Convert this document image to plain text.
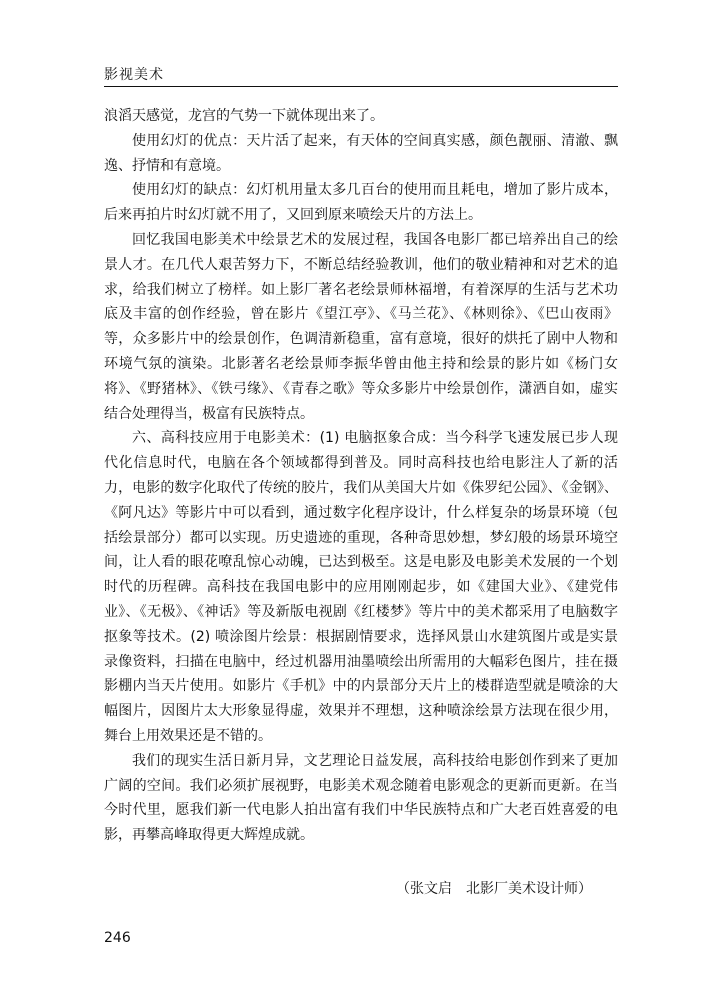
影视美术

浪滔天感觉，龙宫的气势一下就体现出来了。

使用幻灯的优点：天片活了起来，有天体的空间真实感，颜色靓丽、清澈、飘逸、抒情和有意境。

使用幻灯的缺点：幻灯机用量太多几百台的使用而且耗电，增加了影片成本，后来再拍片时幻灯就不用了，又回到原来喷绘天片的方法上。

回忆我国电影美术中绘景艺术的发展过程，我国各电影厂都已培养出自己的绘景人才。在几代人艰苦努力下，不断总结经验教训，他们的敬业精神和对艺术的追求，给我们树立了榜样。如上影厂著名老绘景师林福增，有着深厚的生活与艺术功底及丰富的创作经验，曾在影片《望江亭》、《马兰花》、《林则徐》、《巴山夜雨》等，众多影片中的绘景创作，色调清新稳重，富有意境，很好的烘托了剧中人物和环境气氛的演染。北影著名老绘景师李振华曾由他主持和绘景的影片如《杨门女将》、《野猪林》、《铁弓缘》、《青春之歌》等众多影片中绘景创作，潇洒自如，虚实结合处理得当，极富有民族特点。

六、高科技应用于电影美术：(1) 电脑抠象合成：当今科学飞速发展已步人现代化信息时代，电脑在各个领域都得到普及。同时高科技也给电影注人了新的活力，电影的数字化取代了传统的胶片，我们从美国大片如《侏罗纪公园》、《金钢》、《阿凡达》等影片中可以看到，通过数字化程序设计，什么样复杂的场景环境（包括绘景部分）都可以实现。历史遗迹的重现，各种奇思妙想，梦幻般的场景环境空间，让人看的眼花嘹乱惊心动魄，已达到极至。这是电影及电影美术发展的一个划时代的历程碑。高科技在我国电影中的应用刚刚起步，如《建国大业》、《建党伟业》、《无极》、《神话》等及新版电视剧《红楼梦》等片中的美术都采用了电脑数字抠象等技术。(2) 喷涂图片绘景：根据剧情要求，选择风景山水建筑图片或是实景录像资料，扫描在电脑中，经过机器用油墨喷绘出所需用的大幅彩色图片，挂在摄影棚内当天片使用。如影片《手机》中的内景部分天片上的楼群造型就是喷涂的大幅图片，因图片太大形象显得虚，效果并不理想，这种喷涂绘景方法现在很少用，舞台上用效果还是不错的。

我们的现实生活日新月异，文艺理论日益发展，高科技给电影创作到来了更加广阔的空间。我们必须扩展视野，电影美术观念随着电影观念的更新而更新。在当今时代里，愿我们新一代电影人拍出富有我们中华民族特点和广大老百姓喜爱的电影，再攀高峰取得更大辉煌成就。

（张文启　北影厂美术设计师）
246
